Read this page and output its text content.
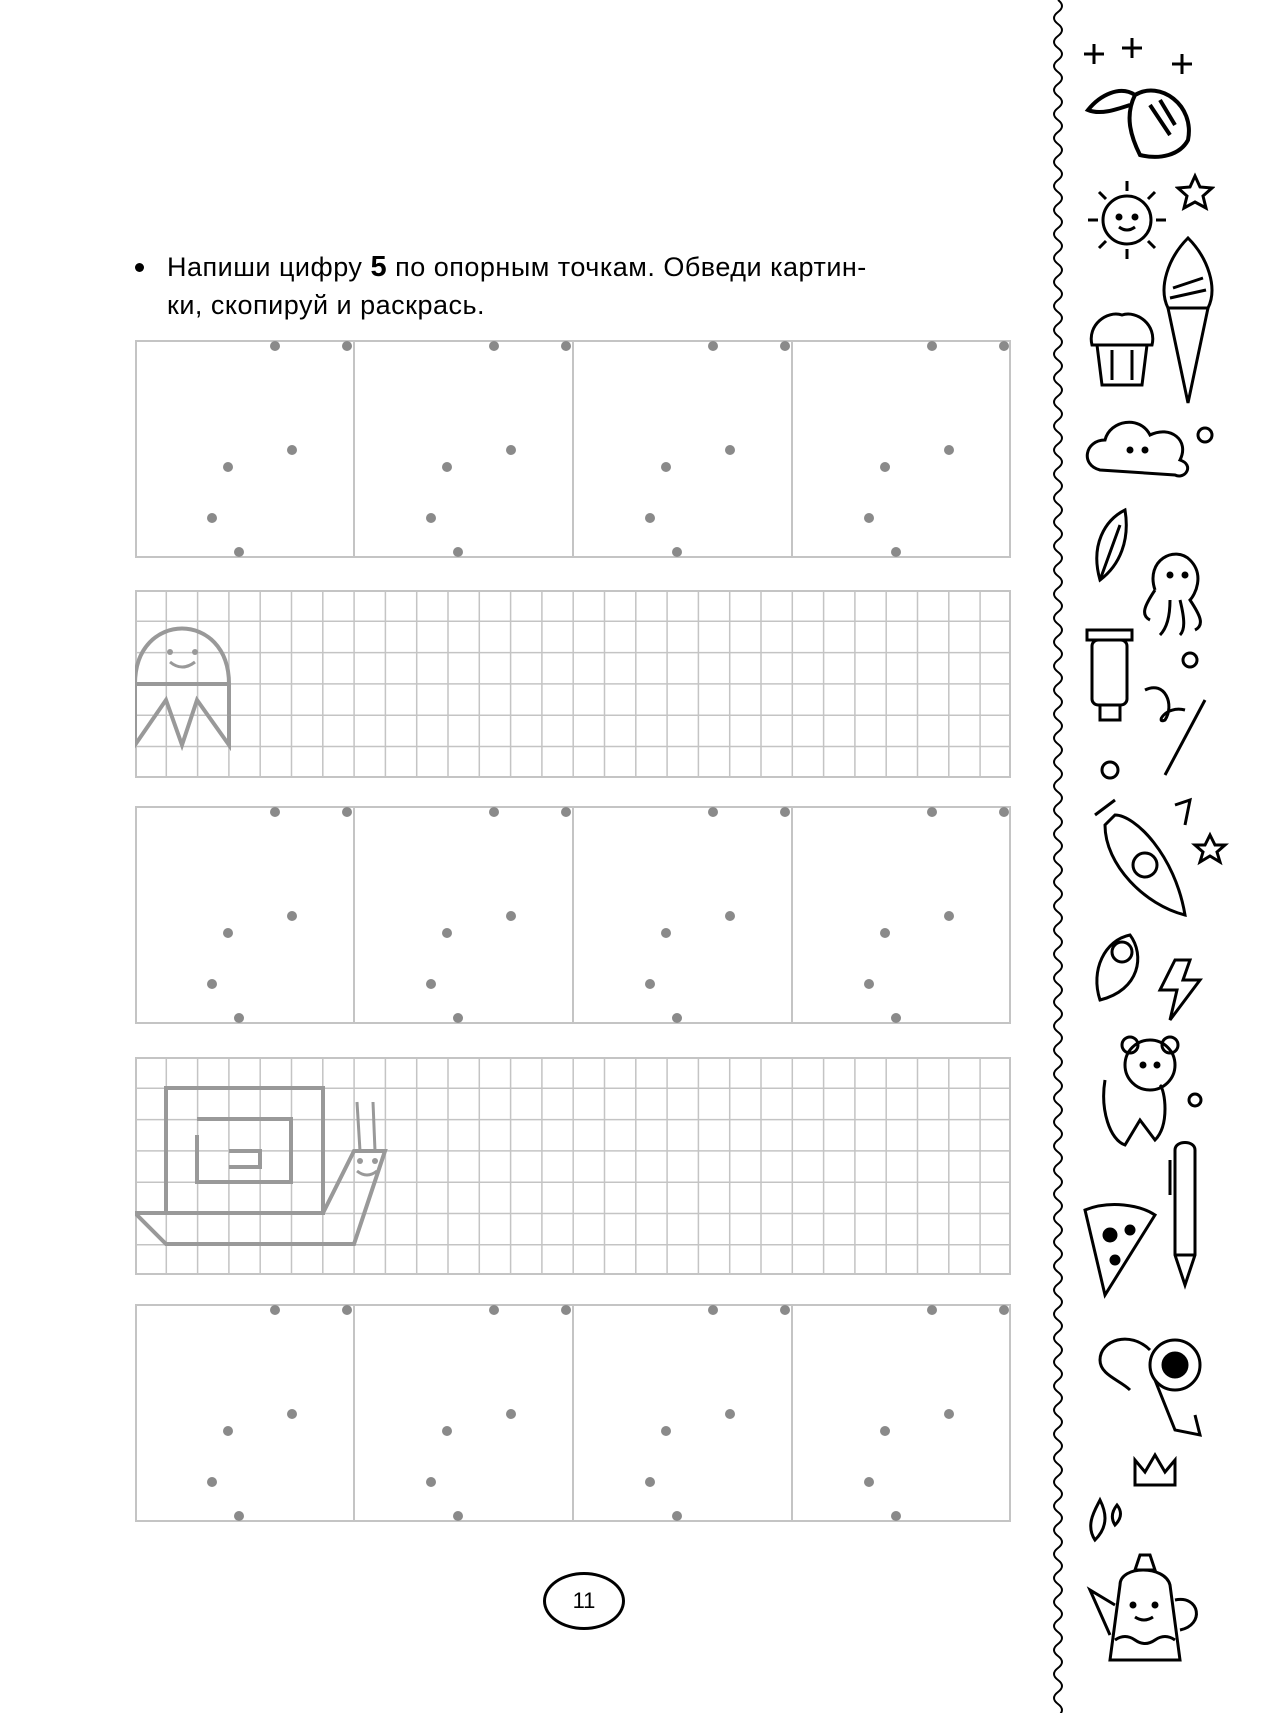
Напиши цифру 5 по опорным точкам. Обведи картин-
ки, скопируй и раскрась.
11
